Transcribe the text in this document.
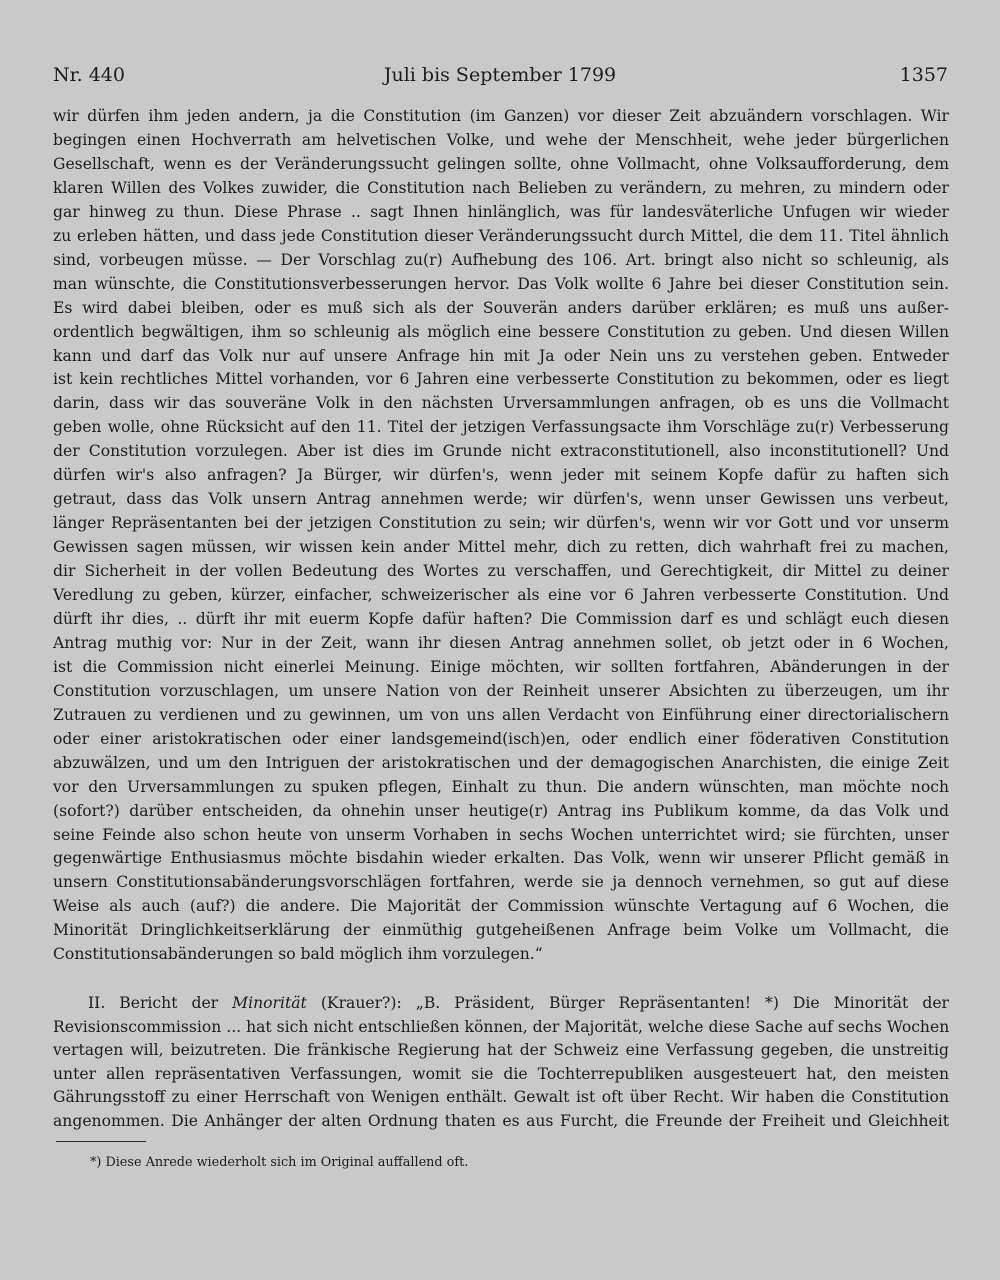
Nr. 440	Juli bis September 1799	1357
wir dürfen ihm jeden andern, ja die Constitution (im Ganzen) vor dieser Zeit abzuändern vorschlagen. Wir
begingen einen Hochverrath am helvetischen Volke, und wehe der Menschheit, wehe jeder bürgerlichen
Gesellschaft, wenn es der Veränderungssucht gelingen sollte, ohne Vollmacht, ohne Volksaufforderung, dem
klaren Willen des Volkes zuwider, die Constitution nach Belieben zu verändern, zu mehren, zu mindern oder
gar hinweg zu thun. Diese Phrase .. sagt Ihnen hinlänglich, was für landesväterliche Unfugen wir wieder
zu erleben hätten, und dass jede Constitution dieser Veränderungssucht durch Mittel, die dem 11. Titel ähnlich
sind, vorbeugen müsse. — Der Vorschlag zu(r) Aufhebung des 106. Art. bringt also nicht so schleunig, als
man wünschte, die Constitutionsverbesserungen hervor. Das Volk wollte 6 Jahre bei dieser Constitution sein.
Es wird dabei bleiben, oder es muß sich als der Souverän anders darüber erklären; es muß uns außer-
ordentlich begwältigen, ihm so schleunig als möglich eine bessere Constitution zu geben. Und diesen Willen
kann und darf das Volk nur auf unsere Anfrage hin mit Ja oder Nein uns zu verstehen geben. Entweder
ist kein rechtliches Mittel vorhanden, vor 6 Jahren eine verbesserte Constitution zu bekommen, oder es liegt
darin, dass wir das souveräne Volk in den nächsten Urversammlungen anfragen, ob es uns die Vollmacht
geben wolle, ohne Rücksicht auf den 11. Titel der jetzigen Verfassungsacte ihm Vorschläge zu(r) Verbesserung
der Constitution vorzulegen. Aber ist dies im Grunde nicht extraconstitutionell, also inconstitutionell? Und
dürfen wir's also anfragen? Ja Bürger, wir dürfen's, wenn jeder mit seinem Kopfe dafür zu haften sich
getraut, dass das Volk unsern Antrag annehmen werde; wir dürfen's, wenn unser Gewissen uns verbeut,
länger Repräsentanten bei der jetzigen Constitution zu sein; wir dürfen's, wenn wir vor Gott und vor unserm
Gewissen sagen müssen, wir wissen kein ander Mittel mehr, dich zu retten, dich wahrhaft frei zu machen,
dir Sicherheit in der vollen Bedeutung des Wortes zu verschaffen, und Gerechtigkeit, dir Mittel zu deiner
Veredlung zu geben, kürzer, einfacher, schweizerischer als eine vor 6 Jahren verbesserte Constitution. Und
dürft ihr dies, .. dürft ihr mit euerm Kopfe dafür haften? Die Commission darf es und schlägt euch diesen
Antrag muthig vor: Nur in der Zeit, wann ihr diesen Antrag annehmen sollet, ob jetzt oder in 6 Wochen,
ist die Commission nicht einerlei Meinung. Einige möchten, wir sollten fortfahren, Abänderungen in der
Constitution vorzuschlagen, um unsere Nation von der Reinheit unserer Absichten zu überzeugen, um ihr
Zutrauen zu verdienen und zu gewinnen, um von uns allen Verdacht von Einführung einer directorialischern
oder einer aristokratischen oder einer landsgemeind(isch)en, oder endlich einer föderativen Constitution
abzuwälzen, und um den Intriguen der aristokratischen und der demagogischen Anarchisten, die einige Zeit
vor den Urversammlungen zu spuken pflegen, Einhalt zu thun. Die andern wünschten, man möchte noch
(sofort?) darüber entscheiden, da ohnehin unser heutige(r) Antrag ins Publikum komme, da das Volk und
seine Feinde also schon heute von unserm Vorhaben in sechs Wochen unterrichtet wird; sie fürchten, unser
gegenwärtige Enthusiasmus möchte bisdahin wieder erkalten. Das Volk, wenn wir unserer Pflicht gemäß in
unsern Constitutionsabänderungsvorschlägen fortfahren, werde sie ja dennoch vernehmen, so gut auf diese
Weise als auch (auf?) die andere. Die Majorität der Commission wünschte Vertagung auf 6 Wochen, die
Minorität Dringlichkeitserklärung der einmüthig gutgeheißenen Anfrage beim Volke um Vollmacht, die
Constitutionsabänderungen so bald möglich ihm vorzulegen.“
II. Bericht der Minorität (Krauer?): „B. Präsident, Bürger Repräsentanten! *) Die Minorität der
Revisionscommission ... hat sich nicht entschließen können, der Majorität, welche diese Sache auf sechs Wochen
vertagen will, beizutreten. Die fränkische Regierung hat der Schweiz eine Verfassung gegeben, die unstreitig
unter allen repräsentativen Verfassungen, womit sie die Tochterrepubliken ausgesteuert hat, den meisten
Gährungsstoff zu einer Herrschaft von Wenigen enthält. Gewalt ist oft über Recht. Wir haben die Constitution
angenommen. Die Anhänger der alten Ordnung thaten es aus Furcht, die Freunde der Freiheit und Gleichheit
*) Diese Anrede wiederholt sich im Original auffallend oft.
